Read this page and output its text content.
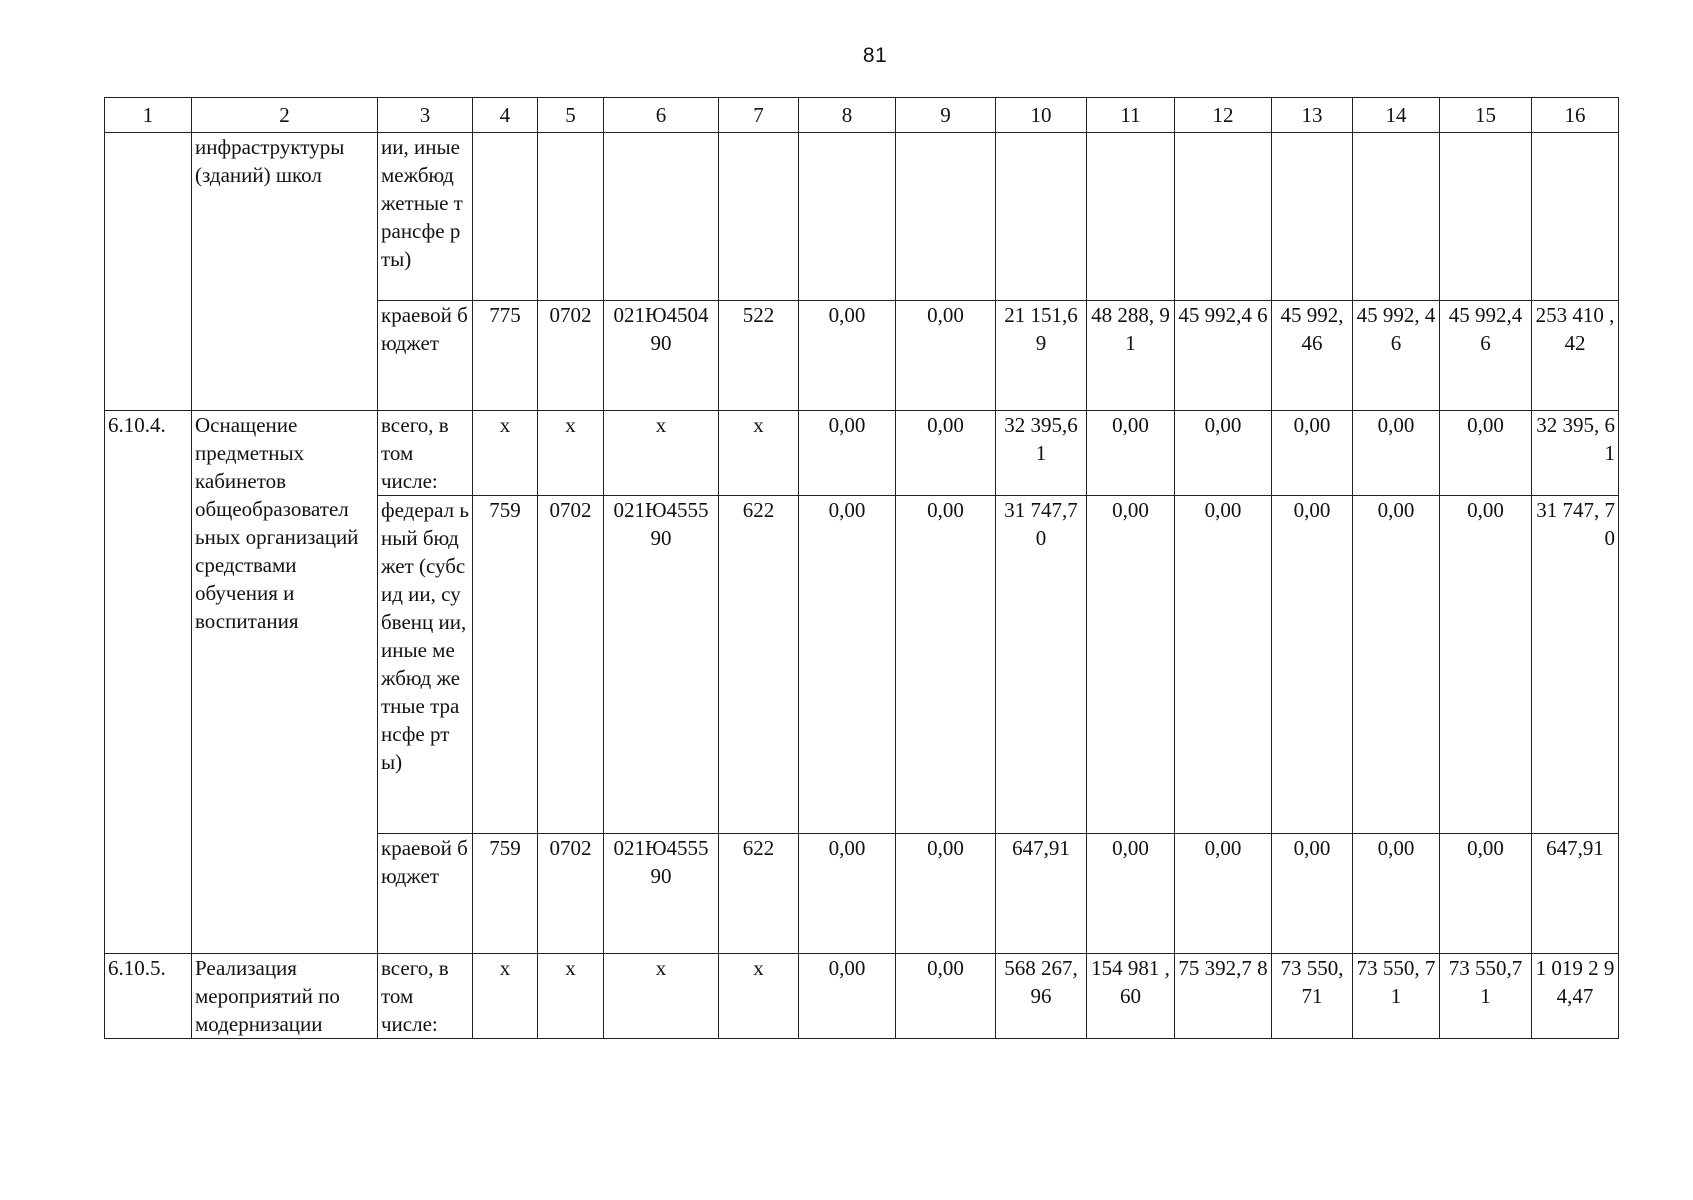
81
1	2	3	4	5	6	7	8	9	10	11	12	13	14	15	16
	инфраструктуры (зданий) школ	ии, иные межбюд жетные трансфе рты)													
		краевой бюджет	775	0702	021Ю4504 90	522	0,00	0,00	21 151,6 9	48 288, 91	45 992,4 6	45 992, 46	45 992, 46	45 992,4 6	253 410 ,42
6.10.4.	Оснащение предметных кабинетов общеобразовател ьных организаций средствами обучения и воспитания	всего, в том числе:	x	x	x	x	0,00	0,00	32 395,6 1	0,00	0,00	0,00	0,00	0,00	32 395, 61
		федерал ьный бюджет (субсид ии, субвенц ии, иные межбюд жетные трансфе рты)	759	0702	021Ю4555 90	622	0,00	0,00	31 747,7 0	0,00	0,00	0,00	0,00	0,00	31 747, 70
		краевой бюджет	759	0702	021Ю4555 90	622	0,00	0,00	647,91	0,00	0,00	0,00	0,00	0,00	647,91
6.10.5.	Реализация мероприятий по модернизации	всего, в том числе:	x	x	x	x	0,00	0,00	568 267, 96	154 981 ,60	75 392,7 8	73 550, 71	73 550, 71	73 550,7 1	1 019 2 94,47
